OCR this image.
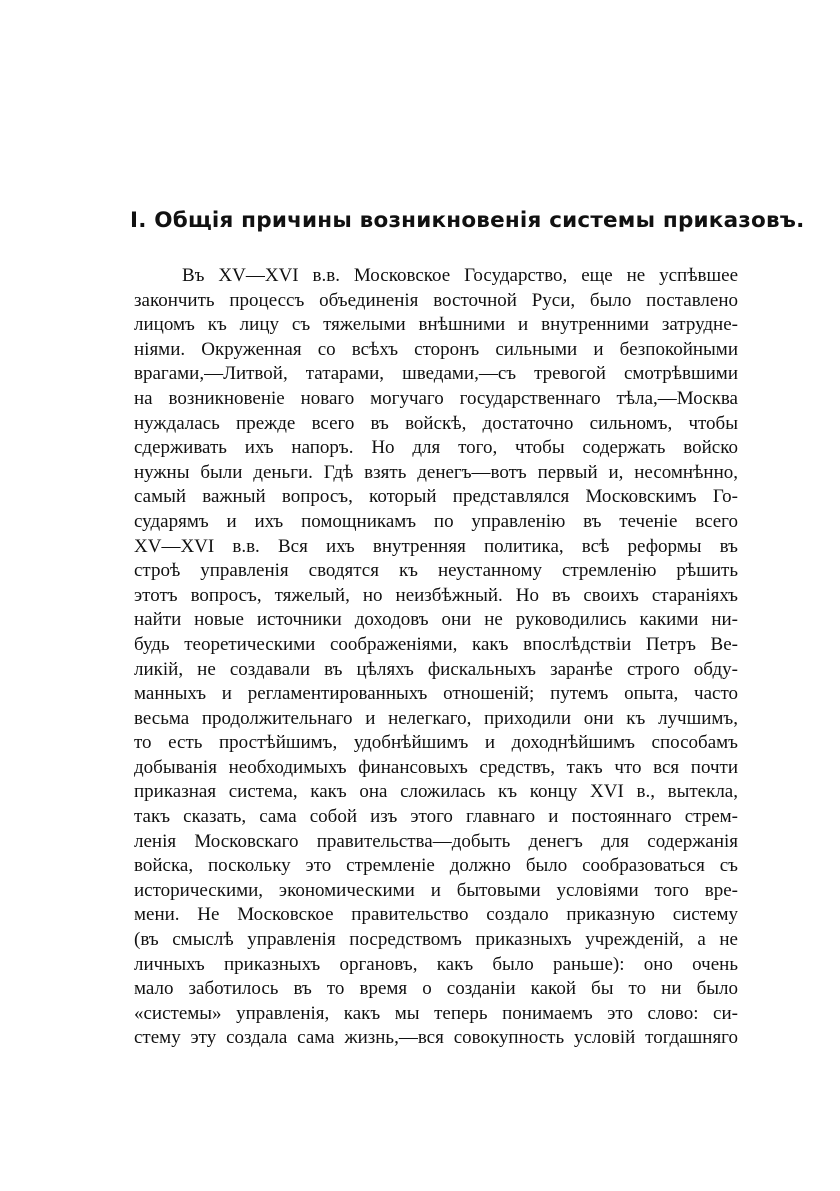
I. Общія причины возникновенія системы приказовъ.
Въ XV—XVI в.в. Московское Государство, еще не успѣвшее
закончить процессъ объединенія восточной Руси, было поставлено
лицомъ къ лицу съ тяжелыми внѣшними и внутренними затрудне-
ніями. Окруженная со всѣхъ сторонъ сильными и безпокойными
врагами,—Литвой, татарами, шведами,—съ тревогой смотрѣвшими
на возникновеніе новаго могучаго государственнаго тѣла,—Москва
нуждалась прежде всего въ войскѣ, достаточно сильномъ, чтобы
сдерживать ихъ напоръ. Но для того, чтобы содержать войско
нужны были деньги. Гдѣ взять денегъ—вотъ первый и, несомнѣнно,
самый важный вопросъ, который представлялся Московскимъ Го-
сударямъ и ихъ помощникамъ по управленію въ теченіе всего
XV—XVI в.в. Вся ихъ внутренняя политика, всѣ реформы въ
строѣ управленія сводятся къ неустанному стремленію рѣшить
этотъ вопросъ, тяжелый, но неизбѣжный. Но въ своихъ стараніяхъ
найти новые источники доходовъ они не руководились какими ни-
будь теоретическими соображеніями, какъ впослѣдствіи Петръ Ве-
ликій, не создавали въ цѣляхъ фискальныхъ заранѣе строго обду-
манныхъ и регламентированныхъ отношеній; путемъ опыта, часто
весьма продолжительнаго и нелегкаго, приходили они къ лучшимъ,
то есть простѣйшимъ, удобнѣйшимъ и доходнѣйшимъ способамъ
добыванія необходимыхъ финансовыхъ средствъ, такъ что вся почти
приказная система, какъ она сложилась къ концу XVI в., вытекла,
такъ сказать, сама собой изъ этого главнаго и постояннаго стрем-
ленія Московскаго правительства—добыть денегъ для содержанія
войска, поскольку это стремленіе должно было сообразоваться съ
историческими, экономическими и бытовыми условіями того вре-
мени. Не Московское правительство создало приказную систему
(въ смыслѣ управленія посредствомъ приказныхъ учрежденій, а не
личныхъ приказныхъ органовъ, какъ было раньше): оно очень
мало заботилось въ то время о созданіи какой бы то ни было
«системы» управленія, какъ мы теперь понимаемъ это слово: си-
стему эту создала сама жизнь,—вся совокупность условій тогдашняго
